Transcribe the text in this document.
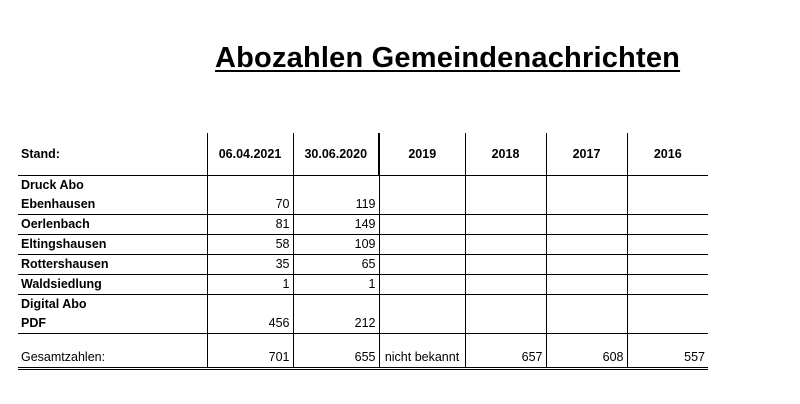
Abozahlen Gemeindenachrichten
Stand:	06.04.2021	30.06.2020	2019	2018	2017	2016
Druck Abo						
Ebenhausen	70	119				
Oerlenbach	81	149				
Eltingshausen	58	109				
Rottershausen	35	65				
Waldsiedlung	1	1				
Digital Abo						
PDF	456	212				

Gesamtzahlen:	701	655	nicht bekannt	657	608	557
